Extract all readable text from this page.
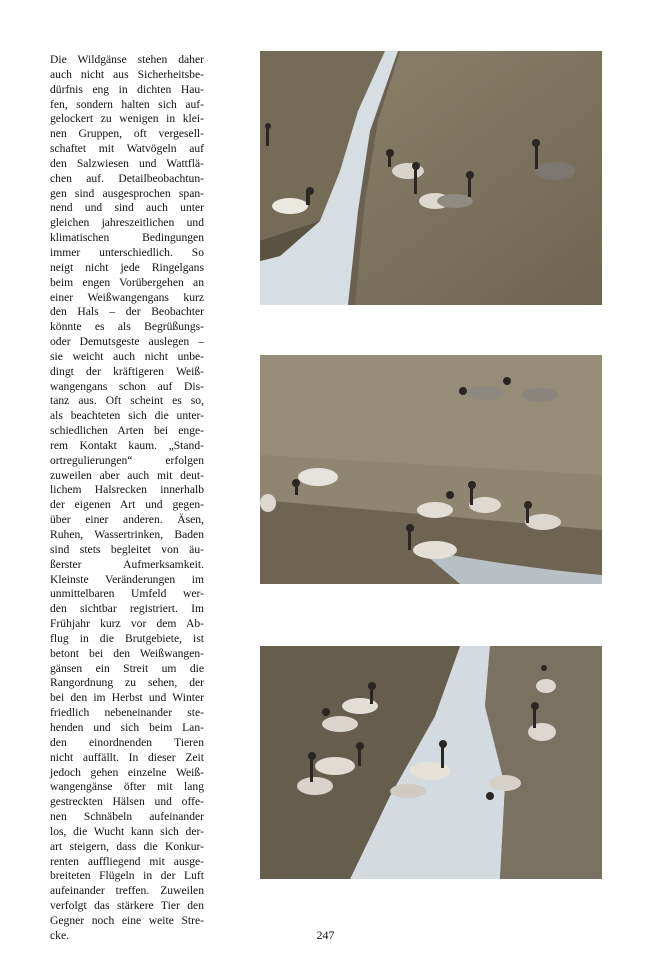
Die Wildgänse stehen daher
auch nicht aus Sicherheitsbe-
dürfnis eng in dichten Hau-
fen, sondern halten sich auf-
gelockert zu wenigen in klei-
nen Gruppen, oft vergesell-
schaftet mit Watvögeln auf
den Salzwiesen und Wattflä-
chen auf. Detailbeobachtun-
gen sind ausgesprochen span-
nend und sind auch unter
gleichen jahreszeitlichen und
klimatischen Bedingungen
immer unterschiedlich. So
neigt nicht jede Ringelgans
beim engen Vorübergehen an
einer Weißwangengans kurz
den Hals – der Beobachter
könnte es als Begrüßungs-
oder Demutsgeste auslegen –
sie weicht auch nicht unbe-
dingt der kräftigeren Weiß-
wangengans schon auf Dis-
tanz aus. Oft scheint es so,
als beachteten sich die unter-
schiedlichen Arten bei enge-
rem Kontakt kaum. „Stand-
ortregulierungen“ erfolgen
zuweilen aber auch mit deut-
lichem Halsrecken innerhalb
der eigenen Art und gegen-
über einer anderen. Äsen,
Ruhen, Wassertrinken, Baden
sind stets begleitet von äu-
ßerster Aufmerksamkeit.
Kleinste Veränderungen im
unmittelbaren Umfeld wer-
den sichtbar registriert. Im
Frühjahr kurz vor dem Ab-
flug in die Brutgebiete, ist
betont bei den Weißwangen-
gänsen ein Streit um die
Rangordnung zu sehen, der
bei den im Herbst und Winter
friedlich nebeneinander ste-
henden und sich beim Lan-
den einordnenden Tieren
nicht auffällt. In dieser Zeit
jedoch gehen einzelne Weiß-
wangengänse öfter mit lang
gestreckten Hälsen und offe-
nen Schnäbeln aufeinander
los, die Wucht kann sich der-
art steigern, dass die Konkur-
renten auffliegend mit ausge-
breiteten Flügeln in der Luft
aufeinander treffen. Zuweilen
verfolgt das stärkere Tier den
Gegner noch eine weite Stre-
cke.	247
